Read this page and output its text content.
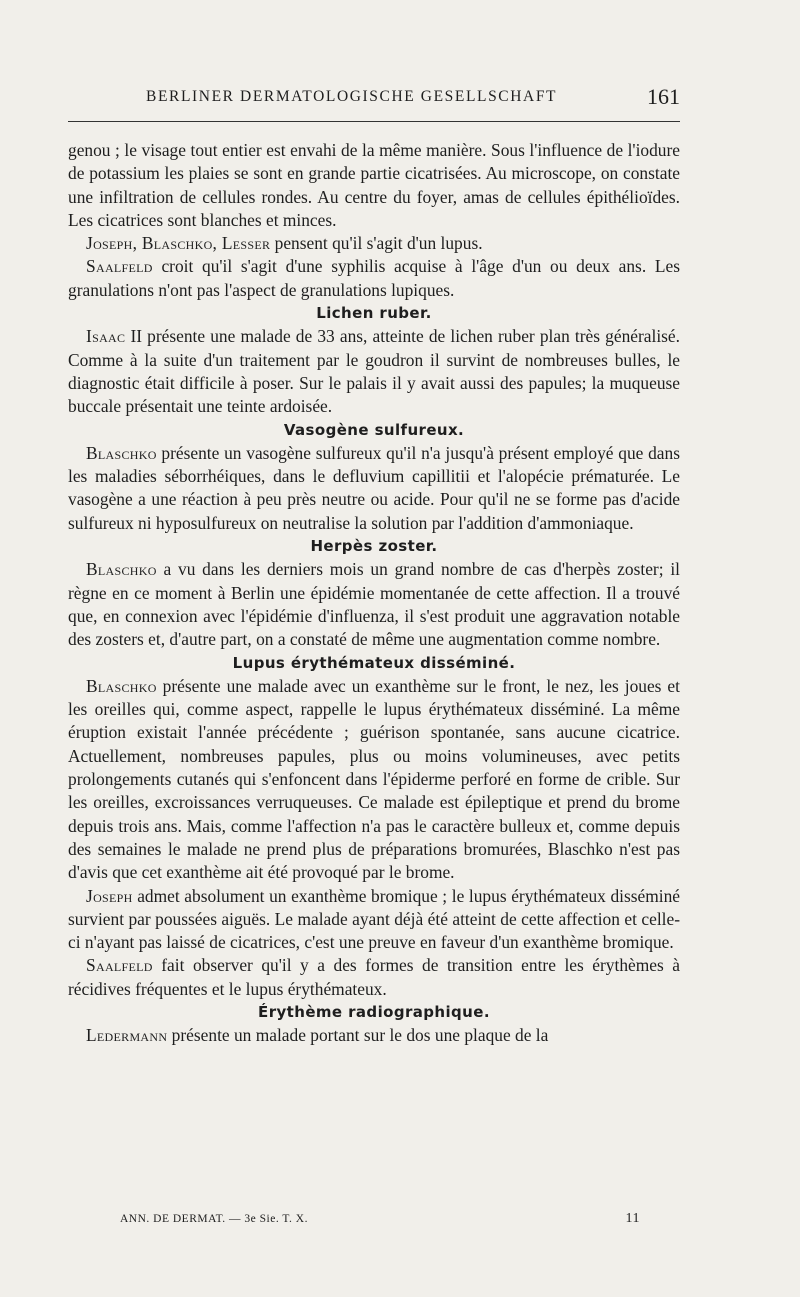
BERLINER DERMATOLOGISCHE GESELLSCHAFT	161

genou ; le visage tout entier est envahi de la même manière. Sous l'influence de l'iodure de potassium les plaies se sont en grande partie cicatrisées. Au microscope, on constate une infiltration de cellules rondes. Au centre du foyer, amas de cellules épithélioïdes. Les cicatrices sont blanches et minces.

Joseph, Blaschko, Lesser pensent qu'il s'agit d'un lupus.

Saalfeld croit qu'il s'agit d'une syphilis acquise à l'âge d'un ou deux ans. Les granulations n'ont pas l'aspect de granulations lupiques.

Lichen ruber.

Isaac II présente une malade de 33 ans, atteinte de lichen ruber plan très généralisé. Comme à la suite d'un traitement par le goudron il survint de nombreuses bulles, le diagnostic était difficile à poser. Sur le palais il y avait aussi des papules; la muqueuse buccale présentait une teinte ardoisée.

Vasogène sulfureux.

Blaschko présente un vasogène sulfureux qu'il n'a jusqu'à présent employé que dans les maladies séborrhéiques, dans le defluvium capillitii et l'alopécie prématurée. Le vasogène a une réaction à peu près neutre ou acide. Pour qu'il ne se forme pas d'acide sulfureux ni hyposulfureux on neutralise la solution par l'addition d'ammoniaque.

Herpès zoster.

Blaschko a vu dans les derniers mois un grand nombre de cas d'herpès zoster; il règne en ce moment à Berlin une épidémie momentanée de cette affection. Il a trouvé que, en connexion avec l'épidémie d'influenza, il s'est produit une aggravation notable des zosters et, d'autre part, on a constaté de même une augmentation comme nombre.

Lupus érythémateux disséminé.

Blaschko présente une malade avec un exanthème sur le front, le nez, les joues et les oreilles qui, comme aspect, rappelle le lupus érythémateux disséminé. La même éruption existait l'année précédente ; guérison spontanée, sans aucune cicatrice. Actuellement, nombreuses papules, plus ou moins volumineuses, avec petits prolongements cutanés qui s'enfoncent dans l'épiderme perforé en forme de crible. Sur les oreilles, excroissances verruqueuses. Ce malade est épileptique et prend du brome depuis trois ans. Mais, comme l'affection n'a pas le caractère bulleux et, comme depuis des semaines le malade ne prend plus de préparations bromurées, Blaschko n'est pas d'avis que cet exanthème ait été provoqué par le brome.

Joseph admet absolument un exanthème bromique ; le lupus érythémateux disséminé survient par poussées aiguës. Le malade ayant déjà été atteint de cette affection et celle-ci n'ayant pas laissé de cicatrices, c'est une preuve en faveur d'un exanthème bromique.

Saalfeld fait observer qu'il y a des formes de transition entre les érythèmes à récidives fréquentes et le lupus érythémateux.

Érythème radiographique.

Ledermann présente un malade portant sur le dos une plaque de la

ANN. DE DERMAT. — 3e Sie. T. X.	11
